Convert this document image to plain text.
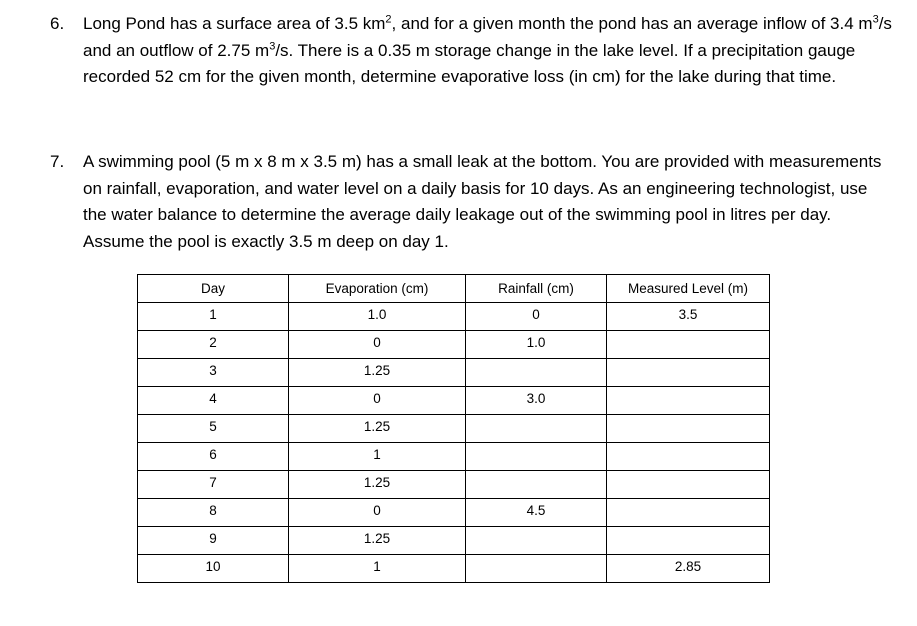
6. Long Pond has a surface area of 3.5 $km^2$, and for a given month the pond has an average inflow of 3.4 $m^3/s$ and an outflow of 2.75 $m^3/s$. There is a 0.35 m storage change in the lake level. If a precipitation gauge recorded 52 cm for the given month, determine evaporative loss (in cm) for the lake during that time.
7. A swimming pool (5 m x 8 m x 3.5 m) has a small leak at the bottom. You are provided with measurements on rainfall, evaporation, and water level on a daily basis for 10 days. As an engineering technologist, use the water balance to determine the average daily leakage out of the swimming pool in litres per day. Assume the pool is exactly 3.5 m deep on day 1.
Day	Evaporation (cm)	Rainfall (cm)	Measured Level (m)
1	1.0	0	3.5
2	0	1.0	
3	1.25		
4	0	3.0	
5	1.25		
6	1		
7	1.25		
8	0	4.5	
9	1.25		
10	1		2.85
